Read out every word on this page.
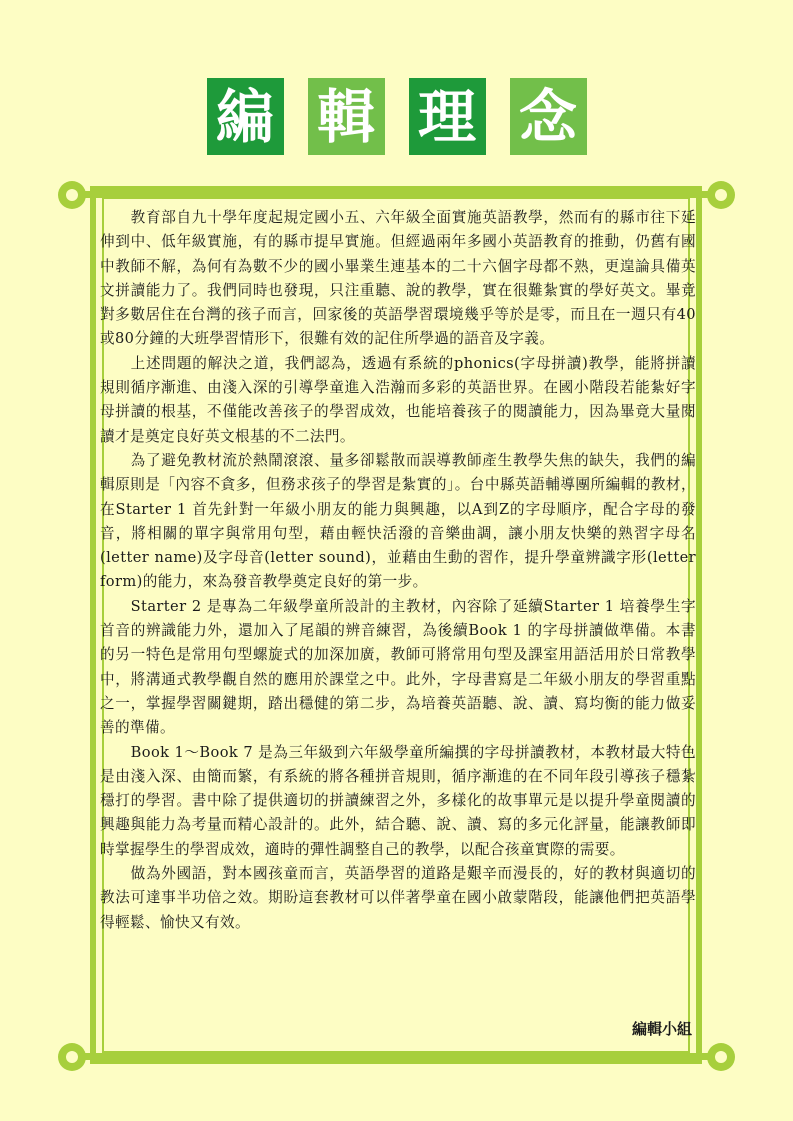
編 輯 理 念

教育部自九十學年度起規定國小五、六年級全面實施英語教學，然而有的縣市往下延伸到中、低年級實施，有的縣市提早實施。但經過兩年多國小英語教育的推動，仍舊有國中教師不解，為何有為數不少的國小畢業生連基本的二十六個字母都不熟，更遑論具備英文拼讀能力了。我們同時也發現，只注重聽、說的教學，實在很難紮實的學好英文。畢竟對多數居住在台灣的孩子而言，回家後的英語學習環境幾乎等於是零，而且在一週只有40或80分鐘的大班學習情形下，很難有效的記住所學過的語音及字義。

上述問題的解決之道，我們認為，透過有系統的phonics(字母拼讀)教學，能將拼讀規則循序漸進、由淺入深的引導學童進入浩瀚而多彩的英語世界。在國小階段若能紮好字母拼讀的根基，不僅能改善孩子的學習成效，也能培養孩子的閱讀能力，因為畢竟大量閱讀才是奠定良好英文根基的不二法門。

為了避免教材流於熱鬧滾滾、量多卻鬆散而誤導教師產生教學失焦的缺失，我們的編輯原則是「內容不貪多，但務求孩子的學習是紮實的」。台中縣英語輔導團所編輯的教材，在Starter 1 首先針對一年級小朋友的能力與興趣，以A到Z的字母順序，配合字母的發音，將相關的單字與常用句型，藉由輕快活潑的音樂曲調，讓小朋友快樂的熟習字母名(letter name)及字母音(letter sound)，並藉由生動的習作，提升學童辨識字形(letter form)的能力，來為發音教學奠定良好的第一步。

Starter 2 是專為二年級學童所設計的主教材，內容除了延續Starter 1 培養學生字首音的辨識能力外，還加入了尾韻的辨音練習，為後續Book 1 的字母拼讀做準備。本書的另一特色是常用句型螺旋式的加深加廣，教師可將常用句型及課室用語活用於日常教學中，將溝通式教學觀自然的應用於課堂之中。此外，字母書寫是二年級小朋友的學習重點之一，掌握學習關鍵期，踏出穩健的第二步，為培養英語聽、說、讀、寫均衡的能力做妥善的準備。

Book 1～Book 7 是為三年級到六年級學童所編撰的字母拼讀教材，本教材最大特色是由淺入深、由簡而繁，有系統的將各種拼音規則，循序漸進的在不同年段引導孩子穩紮穩打的學習。書中除了提供適切的拼讀練習之外，多樣化的故事單元是以提升學童閱讀的興趣與能力為考量而精心設計的。此外，結合聽、說、讀、寫的多元化評量，能讓教師即時掌握學生的學習成效，適時的彈性調整自己的教學，以配合孩童實際的需要。

做為外國語，對本國孩童而言，英語學習的道路是艱辛而漫長的，好的教材與適切的教法可達事半功倍之效。期盼這套教材可以伴著學童在國小啟蒙階段，能讓他們把英語學得輕鬆、愉快又有效。

編輯小組
